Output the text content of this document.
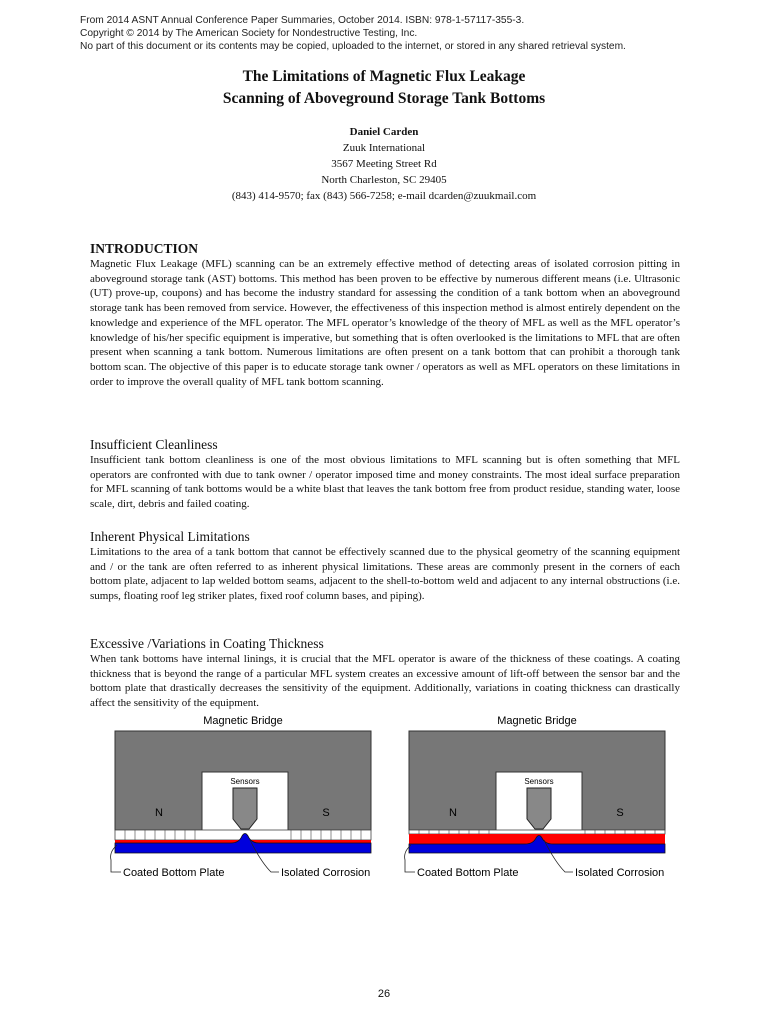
From 2014 ASNT Annual Conference Paper Summaries, October 2014. ISBN: 978-1-57117-355-3.
Copyright © 2014 by The American Society for Nondestructive Testing, Inc.
No part of this document or its contents may be copied, uploaded to the internet, or stored in any shared retrieval system.
The Limitations of Magnetic Flux Leakage
Scanning of Aboveground Storage Tank Bottoms
Daniel Carden
Zuuk International
3567 Meeting Street Rd
North Charleston, SC 29405
(843) 414-9570; fax (843) 566-7258; e-mail dcarden@zuukmail.com
INTRODUCTION

Magnetic Flux Leakage (MFL) scanning can be an extremely effective method of detecting areas of isolated corrosion pitting in aboveground storage tank (AST) bottoms. This method has been proven to be effective by numerous different means (i.e. Ultrasonic (UT) prove-up, coupons) and has become the industry standard for assessing the condition of a tank bottom when an aboveground storage tank has been removed from service. However, the effectiveness of this inspection method is almost entirely dependent on the knowledge and experience of the MFL operator. The MFL operator’s knowledge of the theory of MFL as well as the MFL operator’s knowledge of his/her specific equipment is imperative, but something that is often overlooked is the limitations to MFL that are often present when scanning a tank bottom. Numerous limitations are often present on a tank bottom that can prohibit a thorough tank bottom scan. The objective of this paper is to educate storage tank owner / operators as well as MFL operators on these limitations in order to improve the overall quality of MFL tank bottom scanning.

Insufficient Cleanliness

Insufficient tank bottom cleanliness is one of the most obvious limitations to MFL scanning but is often something that MFL operators are confronted with due to tank owner / operator imposed time and money constraints. The most ideal surface preparation for MFL scanning of tank bottoms would be a white blast that leaves the tank bottom free from product residue, standing water, loose scale, dirt, debris and failed coating.

Inherent Physical Limitations

Limitations to the area of a tank bottom that cannot be effectively scanned due to the physical geometry of the scanning equipment and / or the tank are often referred to as inherent physical limitations. These areas are commonly present in the corners of each bottom plate, adjacent to lap welded bottom seams, adjacent to the shell-to-bottom weld and adjacent to any internal obstructions (i.e. sumps, floating roof leg striker plates, fixed roof column bases, and piping).

Excessive /Variations in Coating Thickness

When tank bottoms have internal linings, it is crucial that the MFL operator is aware of the thickness of these coatings. A coating thickness that is beyond the range of a particular MFL system creates an excessive amount of lift-off between the sensor bar and the bottom plate that drastically decreases the sensitivity of the equipment. Additionally, variations in coating thickness can drastically affect the sensitivity of the equipment.

Magnetic Bridge
Sensors
N	S
Coated Bottom Plate	Isolated Corrosion
Magnetic Bridge
Sensors
N	S
Coated Bottom Plate	Isolated Corrosion
26
